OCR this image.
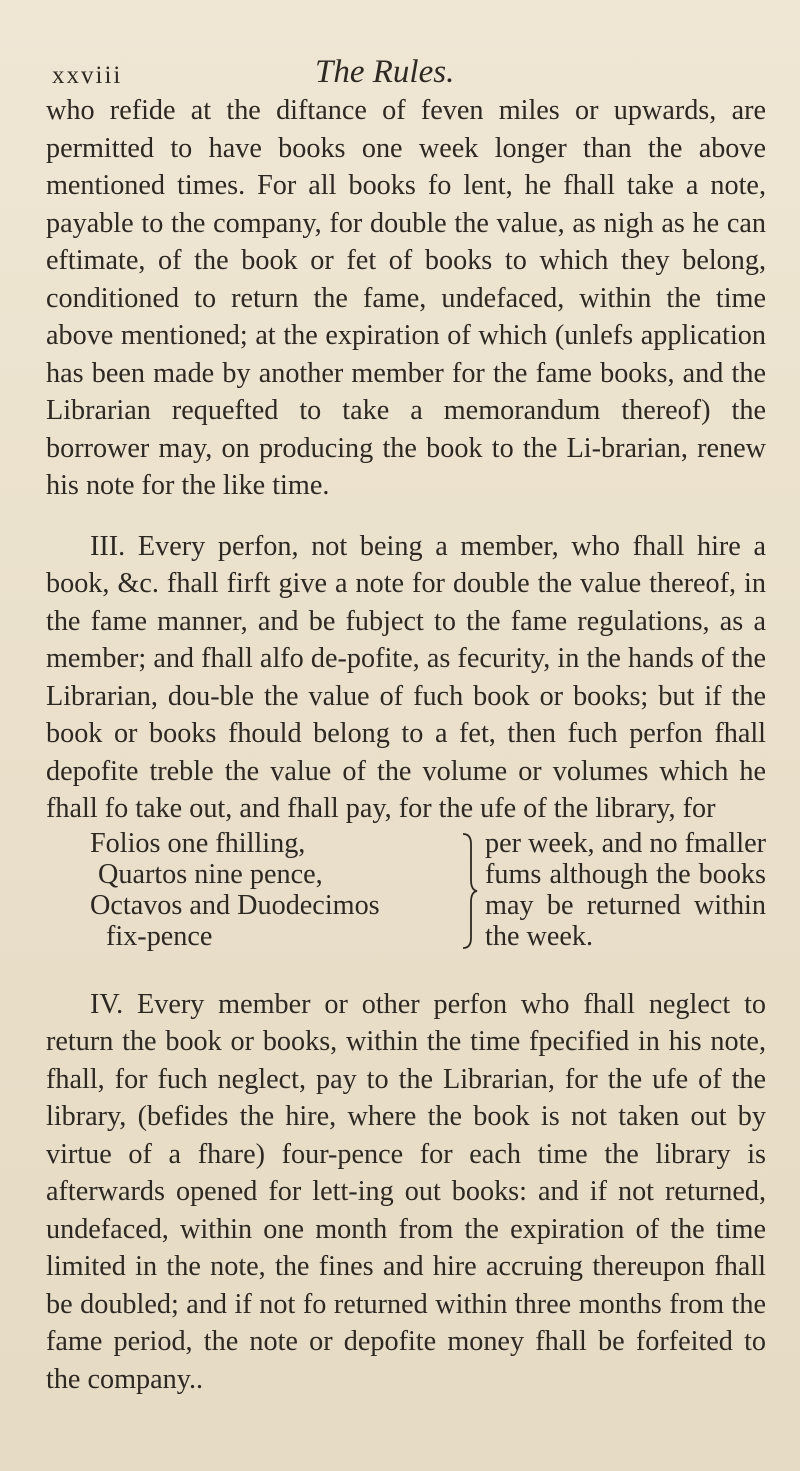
xxviii	The Rules.

who refide at the diftance of feven miles or upwards, are permitted to have books one week longer than the above mentioned times. For all books fo lent, he fhall take a note, payable to the company, for double the value, as nigh as he can eftimate, of the book or fet of books to which they belong, conditioned to return the fame, undefaced, within the time above mentioned; at the expiration of which (unlefs application has been made by another member for the fame books, and the Librarian requefted to take a memorandum thereof) the borrower may, on producing the book to the Li-brarian, renew his note for the like time.

III. Every perfon, not being a member, who fhall hire a book, &c. fhall firft give a note for double the value thereof, in the fame manner, and be fubject to the fame regulations, as a member; and fhall alfo de-pofite, as fecurity, in the hands of the Librarian, dou-ble the value of fuch book or books; but if the book or books fhould belong to a fet, then fuch perfon fhall depofite treble the value of the volume or volumes which he fhall fo take out, and fhall pay, for the ufe of the library, for

Folios one fhilling,
Quartos nine pence,
Octavos and Duodecimos
fix-pence
per week, and no fmaller
fums although the books
may be returned within
the week.

IV. Every member or other perfon who fhall neglect to return the book or books, within the time fpecified in his note, fhall, for fuch neglect, pay to the Librarian, for the ufe of the library, (befides the hire, where the book is not taken out by virtue of a fhare) four-pence for each time the library is afterwards opened for lett-ing out books: and if not returned, undefaced, within one month from the expiration of the time limited in the note, the fines and hire accruing thereupon fhall be doubled; and if not fo returned within three months from the fame period, the note or depofite money fhall be forfeited to the company..
